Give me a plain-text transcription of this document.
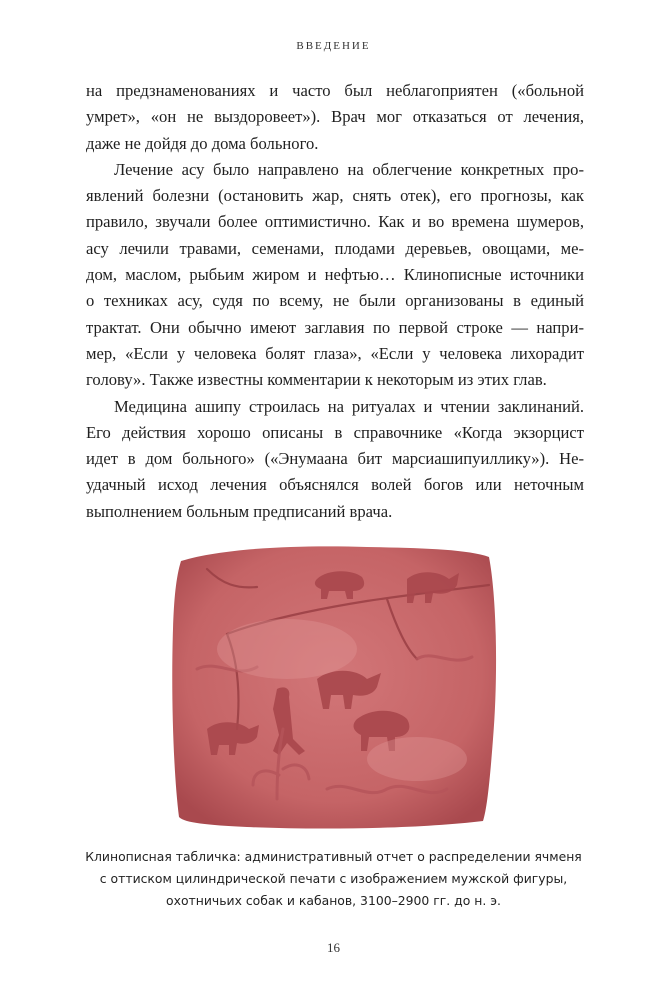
ВВЕДЕНИЕ
на предзнаменованиях и часто был неблагоприятен («больной
умрет», «он не выздоровеет»). Врач мог отказаться от лечения,
даже не дойдя до дома больного.
Лечение асу было направлено на облегчение конкретных про-
явлений болезни (остановить жар, снять отек), его прогнозы, как
правило, звучали более оптимистично. Как и во времена шумеров,
асу лечили травами, семенами, плодами деревьев, овощами, ме-
дом, маслом, рыбьим жиром и нефтью… Клинописные источники
о техниках асу, судя по всему, не были организованы в единый
трактат. Они обычно имеют заглавия по первой строке — напри-
мер, «Если у человека болят глаза», «Если у человека лихорадит
голову». Также известны комментарии к некоторым из этих глав.
Медицина ашипу строилась на ритуалах и чтении заклинаний.
Его действия хорошо описаны в справочнике «Когда экзорцист
идет в дом больного» («Энумаана бит марсиашипуиллику»). Не-
удачный исход лечения объяснялся волей богов или неточным
выполнением больным предписаний врача.
Клинописная табличка: административный отчет о распределении ячменя
с оттиском цилиндрической печати с изображением мужской фигуры,
охотничьих собак и кабанов, 3100–2900 гг. до н. э.
16
